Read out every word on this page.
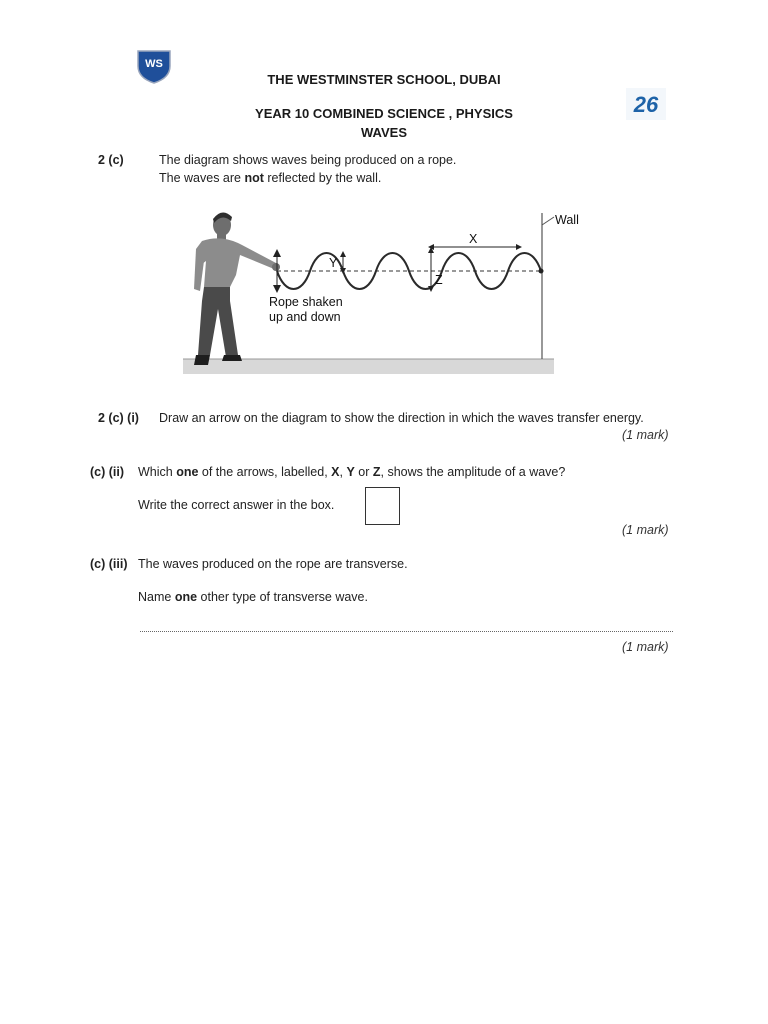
WS
THE WESTMINSTER SCHOOL, DUBAI
YEAR 10 COMBINED SCIENCE , PHYSICS
WAVES
26
2 (c)	The diagram shows waves being produced on a rope.
The waves are not reflected by the wall.
Wall
Y
Z
X
Rope shaken
up and down
2 (c) (i) Draw an arrow on the diagram to show the direction in which the waves transfer energy.
(1 mark)
(c) (ii) Which one of the arrows, labelled, X, Y or Z, shows the amplitude of a wave?
Write the correct answer in the box.
(1 mark)
(c) (iii) The waves produced on the rope are transverse.
Name one other type of transverse wave.
(1 mark)
